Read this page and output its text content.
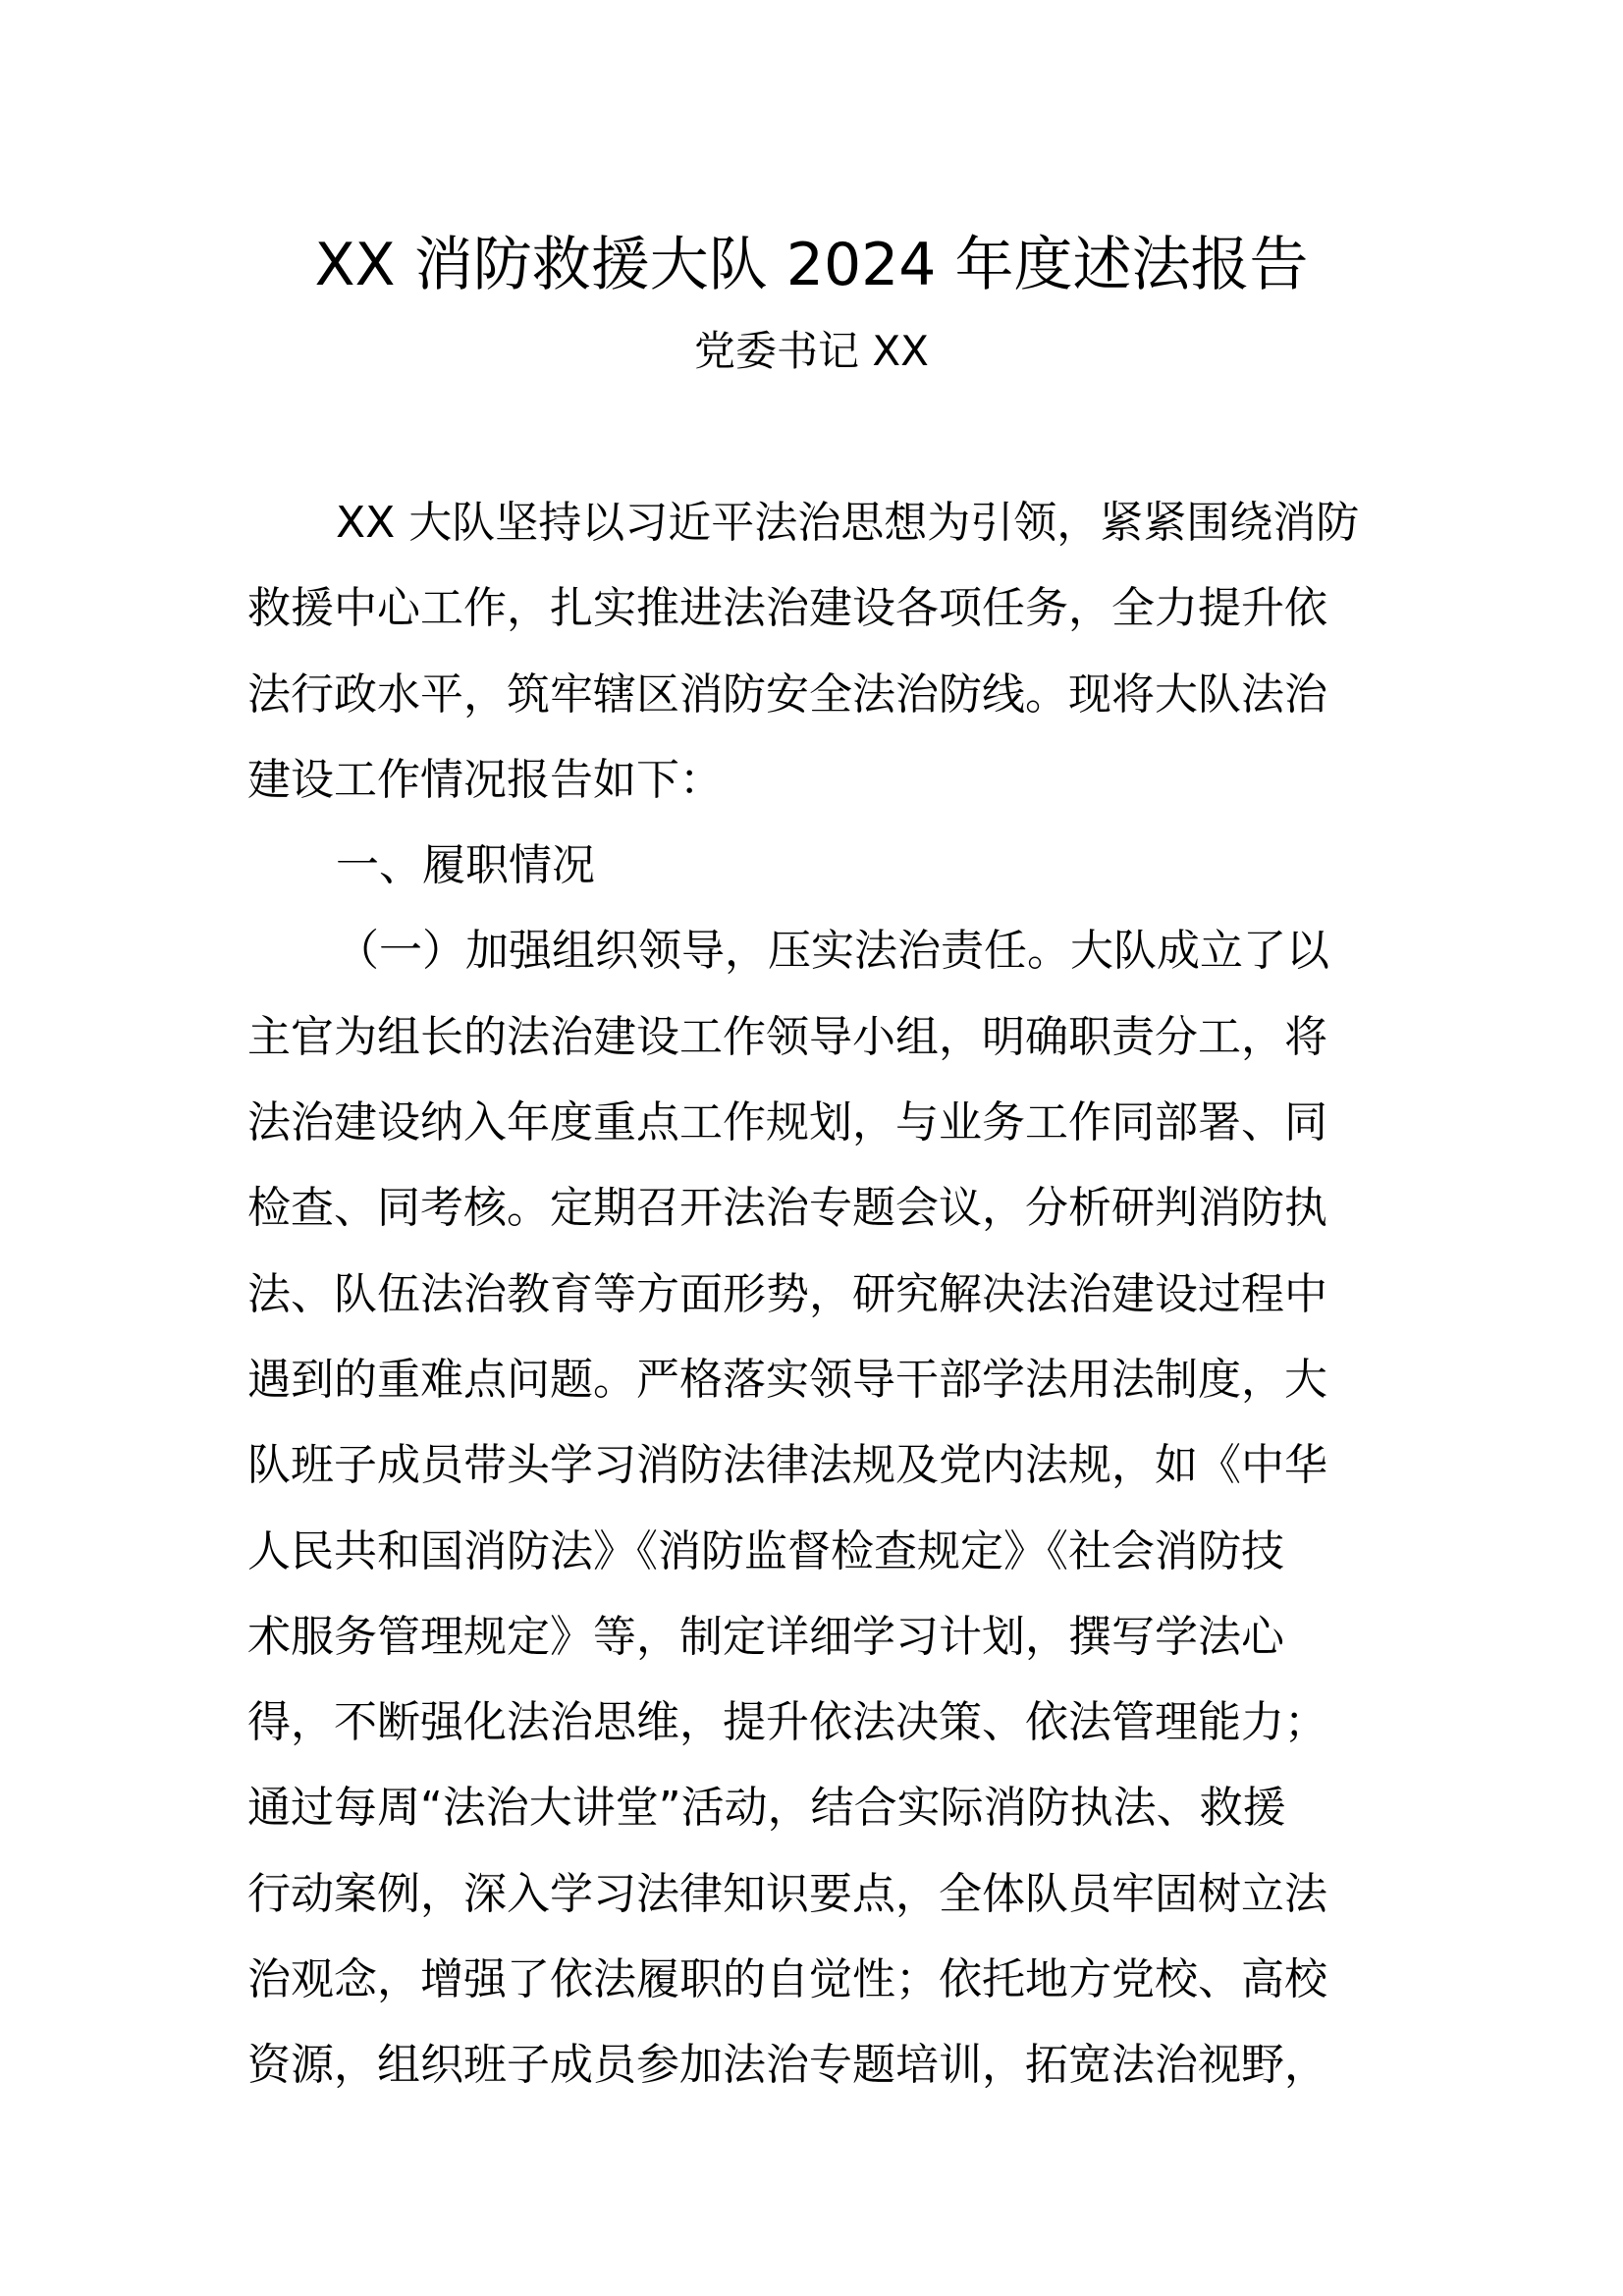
XX 消防救援大队 2024 年度述法报告
党委书记 XX
XX 大队坚持以习近平法治思想为引领，紧紧围绕消防
救援中心工作，扎实推进法治建设各项任务，全力提升依
法行政水平，筑牢辖区消防安全法治防线。现将大队法治
建设工作情况报告如下：
一、履职情况
（一）加强组织领导，压实法治责任。大队成立了以
主官为组长的法治建设工作领导小组，明确职责分工，将
法治建设纳入年度重点工作规划，与业务工作同部署、同
检查、同考核。定期召开法治专题会议，分析研判消防执
法、队伍法治教育等方面形势，研究解决法治建设过程中
遇到的重难点问题。严格落实领导干部学法用法制度，大
队班子成员带头学习消防法律法规及党内法规，如《中华
人民共和国消防法》《消防监督检查规定》《社会消防技
术服务管理规定》等，制定详细学习计划，撰写学法心
得，不断强化法治思维，提升依法决策、依法管理能力；
通过每周“法治大讲堂”活动，结合实际消防执法、救援
行动案例，深入学习法律知识要点，全体队员牢固树立法
治观念，增强了依法履职的自觉性；依托地方党校、高校
资源，组织班子成员参加法治专题培训，拓宽法治视野，
